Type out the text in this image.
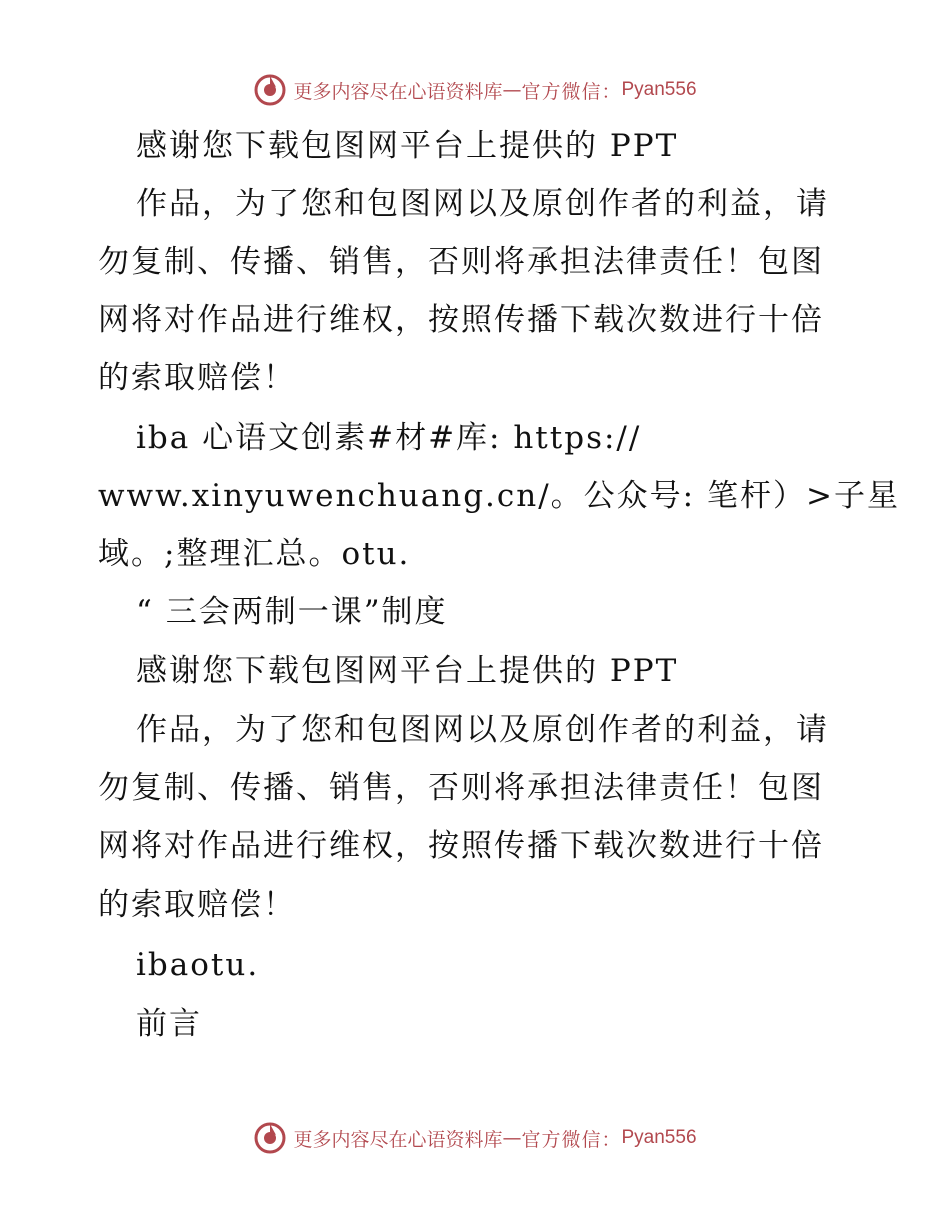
更多内容尽在心语资料库 — 官方微信： Pyan556
感谢您下载包图网平台上提供的 PPT
作品，为了您和包图网以及原创作者的利益，请
勿复制、传播、销售，否则将承担法律责任！包图
网将对作品进行维权，按照传播下载次数进行十倍
的索取赔偿！
iba 心语文创素#材#库: https://
www.xinyuwenchuang.cn/。公众号: 笔杆）>子星
域。;整理汇总。otu.
“ 三会两制一课”制度
感谢您下载包图网平台上提供的 PPT
作品，为了您和包图网以及原创作者的利益，请
勿复制、传播、销售，否则将承担法律责任！包图
网将对作品进行维权，按照传播下载次数进行十倍
的索取赔偿！
ibaotu.
前言
更多内容尽在心语资料库 — 官方微信： Pyan556
